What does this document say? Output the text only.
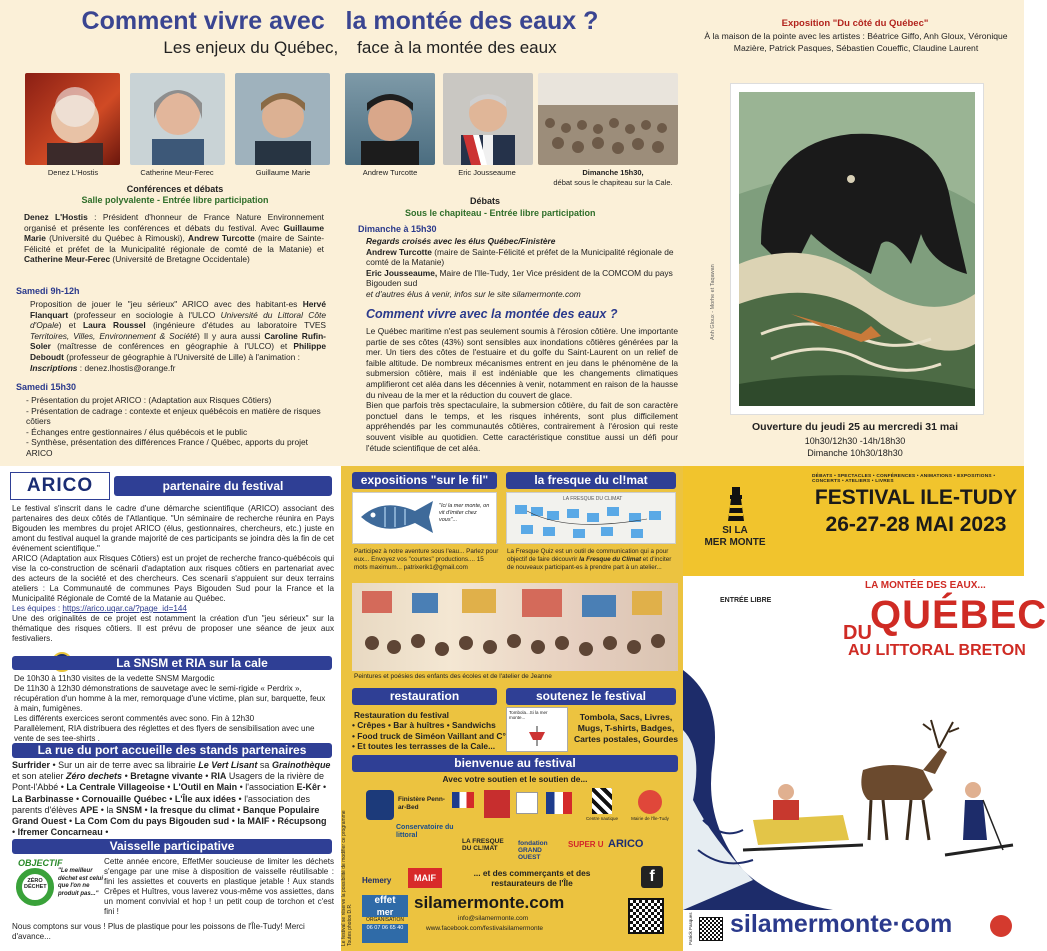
Comment vivre avec   la montée des eaux ?
Les enjeux du Québec,    face à la montée des eaux
Denez L'Hostis	Catherine Meur-Ferec	Guillaume Marie	Andrew Turcotte	Eric Jousseaume	Dimanche 15h30,
débat sous le chapiteau sur la Cale.
Conférences et débats
Salle polyvalente - Entrée libre participation
Denez L'Hostis : Président d'honneur de France Nature Environnement organisé et présente les conférences et débats du festival. Avec Guillaume Marie (Université du Québec à Rimouski), Andrew Turcotte (maire de Sainte-Félicité et préfet de la Municipalité régionale de comté de la Matanie) et Catherine Meur-Ferec (Université de Bretagne Occidentale)
Samedi 9h-12h
Proposition de jouer le "jeu sérieux" ARICO avec des habitant-es Hervé Flanquart (professeur en sociologie à l'ULCO Université du Littoral Côte d'Opale) et Laura Roussel (ingénieure d'études au laboratoire TVES Territoires, Villes, Environnement & Société) Il y aura aussi Caroline Rufin-Soler (maîtresse de conférences en géographie à l'ULCO) et Philippe Deboudt (professeur de géographie à l'Université de Lille) à l'animation :
Inscriptions : denez.lhostis@orange.fr
Samedi 15h30
- Présentation du projet ARICO : (Adaptation aux Risques Côtiers)
- Présentation de cadrage : contexte et enjeux québécois en matière de risques côtiers
- Échanges entre gestionnaires / élus québécois et le public
- Synthèse, présentation des différences France / Québec, apports du projet ARICO
Débats
Sous le chapiteau - Entrée libre participation
Dimanche à 15h30
Regards croisés avec les élus Québec/Finistère
Andrew Turcotte (maire de Sainte-Félicité et préfet de la Municipalité régionale de comté de la Matanie)
Eric Jousseaume, Maire de l'Ile-Tudy, 1er Vice président de la COMCOM du pays Bigouden sud
et d'autres élus à venir, infos sur le site silamermonte.com
Comment vivre avec la montée des eaux ?
Le Québec maritime n'est pas seulement soumis à l'érosion côtière. Une importante partie de ses côtes (43%) sont sensibles aux inondations côtières générées par la mer. Un tiers des côtes de l'estuaire et du golfe du Saint-Laurent on un relief de faible altitude. De nombreux mécanismes entrent en jeu dans le phénomène de la submersion côtière, mais il est indéniable que les changements climatiques amplifieront cet aléa dans les décennies à venir, notamment en raison de la hausse du niveau de la mer et la réduction du couvert de glace.
Bien que parfois très spectaculaire, la submersion côtière, du fait de son caractère ponctuel dans le temps, et les risques inhérents, sont plus difficilement appréhendés par les communautés côtières, contrairement à l'érosion qui reste souvent visible au quotidien. Cette caractéristique constitue aussi un défi pour l'étude scientifique de cet aléa.
Exposition "Du côté du Québec"
À la maison de la pointe avec les artistes : Béatrice Giffo, Anh Gloux, Véronique Mazière, Patrick Pasques, Sébastien Coueffic, Claudine Laurent
Anh Gloux - Morhe et Taqawan
Ouverture du jeudi 25 au mercredi 31 mai
10h30/12h30 -14h/18h30
Dimanche 10h30/18h30
ARICO	partenaire du festival
Le festival s'inscrit dans le cadre d'une démarche scientifique (ARICO) associant des partenaires des deux côtés de l'Atlantique. "Un séminaire de recherche réunira en Pays Bigouden les membres du projet ARICO (élus, gestionnaires, chercheurs, etc.) juste en amont du festival auquel la grande majorité de ces participants se joindra dès la fin de cet événement scientifique."
ARICO (Adaptation aux Risques Côtiers) est un projet de recherche franco-québécois qui vise la co-construction de scénarii d'adaptation aux risques côtiers en partenariat avec des acteurs de la société et des chercheurs. Ces scenarii s'appuient sur deux terrains ateliers : La Communauté de communes Pays Bigouden Sud pour la France et la Municipalité Régionale de Comté de la Matanie au Québec.
Les équipes : https://arico.uqar.ca/?page_id=144
Une des originalités de ce projet est notamment la création d'un "jeu sérieux" sur la thématique des risques côtiers. Il est prévu de proposer une séance de jeux aux festivaliers.
La SNSM et RIA sur la cale
De 10h30 à 11h30 visites de la vedette SNSM Margodic
De 11h30 à 12h30 démonstrations de sauvetage avec le semi-rigide « Perdrix », récupération d'un homme à la mer, remorquage d'une victime, plan sur, barquette, feux à main, fumigènes.
Les différents exercices seront commentés avec sono. Fin à 12h30
Parallèlement, RIA distribuera des réglettes et des flyers de sensibilisation avec une vente de ses tee-shirts .
La rue du port accueille des stands partenaires
Surfrider • Sur un air de terre avec sa librairie Le Vert Lisant sa Grainothèque et son atelier Zéro dechets • Bretagne vivante • RIA Usagers de la rivière de Pont-l'Abbé • La Centrale Villageoise • L'Outil en Main • l'association E-Kêr • La Barbinasse • Cornouaille Québec • L'Île aux idées • l'association des parents d'élèves APE • la SNSM • la fresque du climat • Banque Populaire Grand Ouest • La Com Com du pays Bigouden sud • la MAIF • Récupsong • Ifremer Concarneau •
Vaisselle participative
OBJECTIF
ZÉRO DÉCHET
"Le meilleur déchet est celui que l'on ne produit pas..."
Cette année encore, EffetMer soucieuse de limiter les déchets s'engage par une mise à disposition de vaisselle réutilisable : fini les assiettes et couverts en plastique jetable ! Aux stands Crêpes et Huîtres, vous laverez vous-même vos assiettes, dans un moment convivial et hop ! un petit coup de torchon et c'est fini !
Nous comptons sur vous ! Plus de plastique pour les poissons de l'Île-Tudy! Merci d'avance...
expositions "sur le fil"	la fresque du cl!mat
"Ici la mer monte, on vit d'imiter chez vous"...
LA FRESQUE DU CLIMAT
Participez à notre aventure sous l'eau... Parlez pour eux... Envoyez vos "courtes" productions.... 15 mots maximum... patrixerik1@gmail.com
La Fresque Quiz est un outil de communication qui a pour objectif de faire découvrir la Fresque du Climat et d'inciter de nouveaux participant-es à prendre part à un atelier...
Peintures et poésies des enfants des écoles et de l'atelier de Jeanne
restauration	soutenez le festival
Restauration du festival
• Crêpes • Bar à huîtres • Sandwichs
• Food truck de Siméon Vaillant and C°
• Et toutes les terrasses de la Cale...
Tombola...Si la mer monte...	Tombola, Sacs, Livres,
Mugs, T-shirts, Badges,
Cartes postales, Gourdes
bienvenue au festival
Avec votre soutien et le soutien de...
Finistère Penn-ar-Bed
Centre nautique	Mairie de l'Île-Tudy
Conservatoire du littoral
LA FRESQUE DU CL!MAT
fondation GRAND OUEST
SUPER U ARICO
Hemery	MAIF	... et des commerçants et des restaurateurs de l'Île
effet
mer
ORGANISATION
06 07 06 65 40
silamermonte.com
info@silamermonte.com
www.facebook.com/festivalsilamermonte
f
Le festival se réserve la possibilité de modifier ce programme
Toutes photos D.R.
DÉBATS • SPECTACLES • CONFÉRENCES • ANIMATIONS • EXPOSITIONS • CONCERTS • ATELIERS • LIVRES
SI LA
MER MONTE
FESTIVAL ILE-TUDY
26-27-28 MAI 2023
ENTRÉE LIBRE
LA MONTÉE DES EAUX...
DU
QUÉBEC
AU LITTORAL BRETON
Patrick Pasques silamermonte·com
